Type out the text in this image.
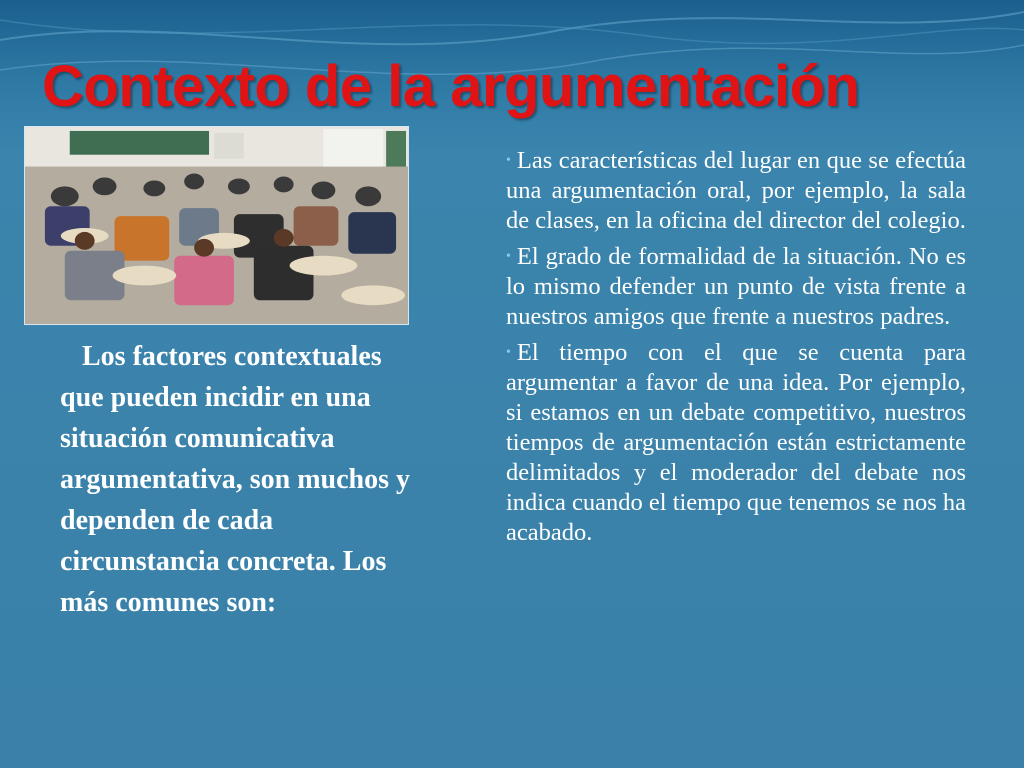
Contexto de la argumentación

Los factores contextuales que pueden incidir en una situación comunicativa argumentativa, son muchos y dependen de cada circunstancia concreta. Los más comunes son:

• Las características del lugar en que se efectúa una argumentación oral, por ejemplo, la sala de clases, en la oficina del director del colegio.
• El grado de formalidad de la situación. No es lo mismo defender un punto de vista frente a nuestros amigos que frente a nuestros padres.
• El tiempo con el que se cuenta para argumentar a favor de una idea. Por ejemplo, si estamos en un debate competitivo, nuestros tiempos de argumentación están estrictamente delimitados y el moderador del debate nos indica cuando el tiempo que tenemos se nos ha acabado.
